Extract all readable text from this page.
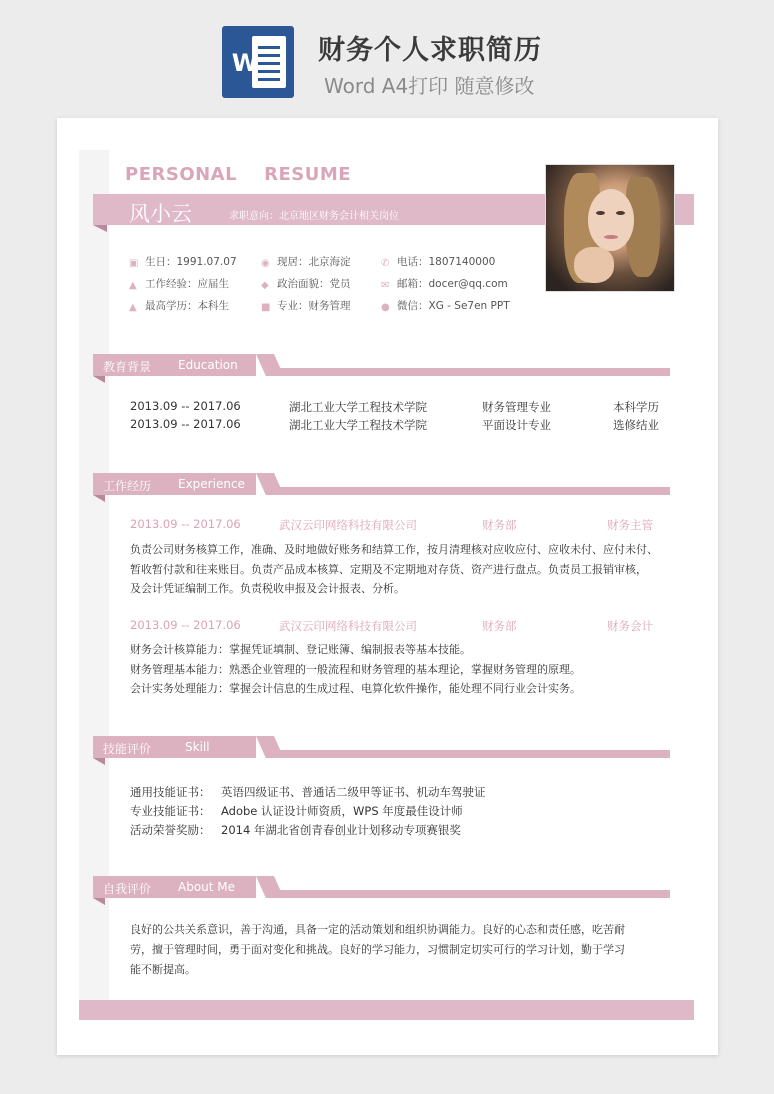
W 财务个人求职简历
Word A4打印 随意修改
PERSONAL    RESUME
风小云	求职意向：北京地区财务会计相关岗位
▣ 生日：1991.07.07 ◉ 现居：北京海淀	✆ 电话：1807140000
▲ 工作经验：应届生	◆ 政治面貌：党员	✉ 邮箱：docer@qq.com
▲ 最高学历：本科生	■ 专业：财务管理	● 微信：XG - Se7en PPT
教育背景 Education
2013.09 -- 2017.06	湖北工业大学工程技术学院	财务管理专业	本科学历
2013.09 -- 2017.06	湖北工业大学工程技术学院	平面设计专业	选修结业
工作经历 Experience
2013.09 -- 2017.06	武汉云印网络科技有限公司	财务部	财务主管
负责公司财务核算工作，准确、及时地做好账务和结算工作，按月清理核对应收应付、应收未付、应付未付、
暂收暂付款和往来账目。负责产品成本核算、定期及不定期地对存货、资产进行盘点。负责员工报销审核，
及会计凭证编制工作。负责税收申报及会计报表、分析。
2013.09 -- 2017.06	武汉云印网络科技有限公司	财务部	财务会计
财务会计核算能力：掌握凭证填制、登记账簿、编制报表等基本技能。
财务管理基本能力：熟悉企业管理的一般流程和财务管理的基本理论，掌握财务管理的原理。
会计实务处理能力：掌握会计信息的生成过程、电算化软件操作，能处理不同行业会计实务。
技能评价	Skill
通用技能证书： 英语四级证书、普通话二级甲等证书、机动车驾驶证
专业技能证书： Adobe 认证设计师资质，WPS 年度最佳设计师
活动荣誉奖励： 2014 年湖北省创青春创业计划移动专项赛银奖
自我评价 About Me
良好的公共关系意识，善于沟通，具备一定的活动策划和组织协调能力。良好的心态和责任感，吃苦耐
劳，擅于管理时间，勇于面对变化和挑战。良好的学习能力，习惯制定切实可行的学习计划，勤于学习
能不断提高。
